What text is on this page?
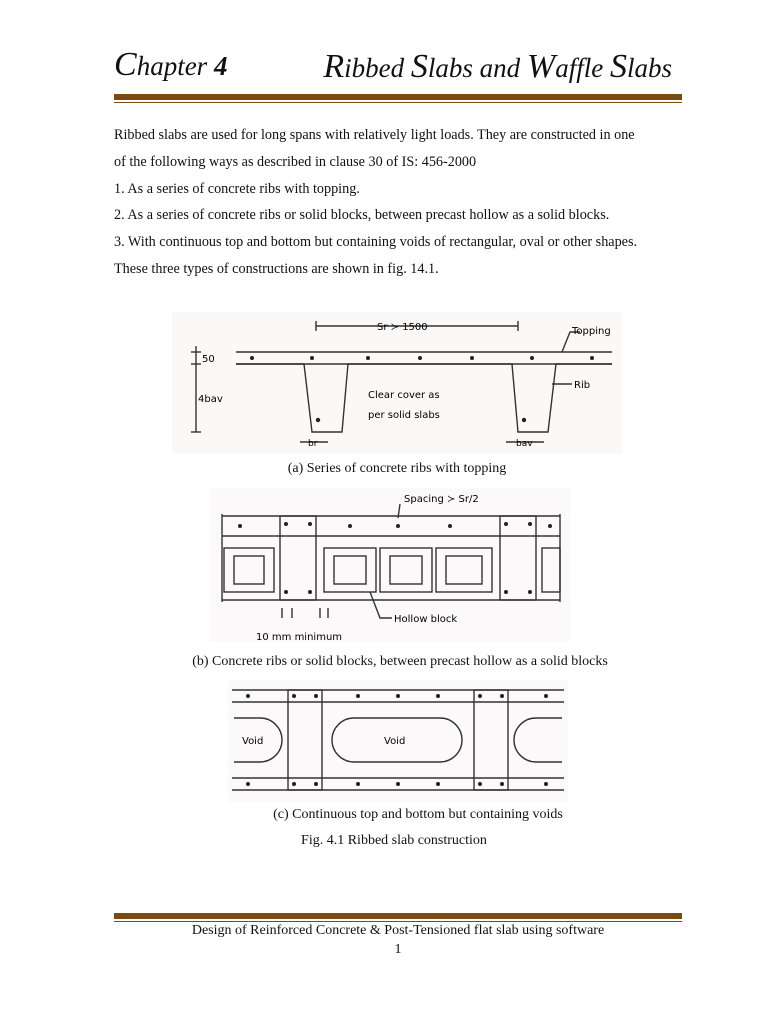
Chapter 4	Ribbed Slabs and Waffle Slabs

Ribbed slabs are used for long spans with relatively light loads. They are constructed in one

of the following ways as described in clause 30 of IS: 456-2000

1. As a series of concrete ribs with topping.

2. As a series of concrete ribs or solid blocks, between precast hollow as a solid blocks.

3. With continuous top and bottom but containing voids of rectangular, oval or other shapes.

These three types of constructions are shown in fig. 14.1.

Sr ≻ 1500	Topping
50
4bav
Rib
Clear cover as
per solid slabs
br	bav
(a) Series of concrete ribs with topping
Spacing ≻ Sr/2
Hollow block
10 mm minimum
(b) Concrete ribs or solid blocks, between precast hollow as a solid blocks
Void	Void
(c) Continuous top and bottom but containing voids
Fig. 4.1 Ribbed slab construction
Design of Reinforced Concrete & Post-Tensioned flat slab using software
1
